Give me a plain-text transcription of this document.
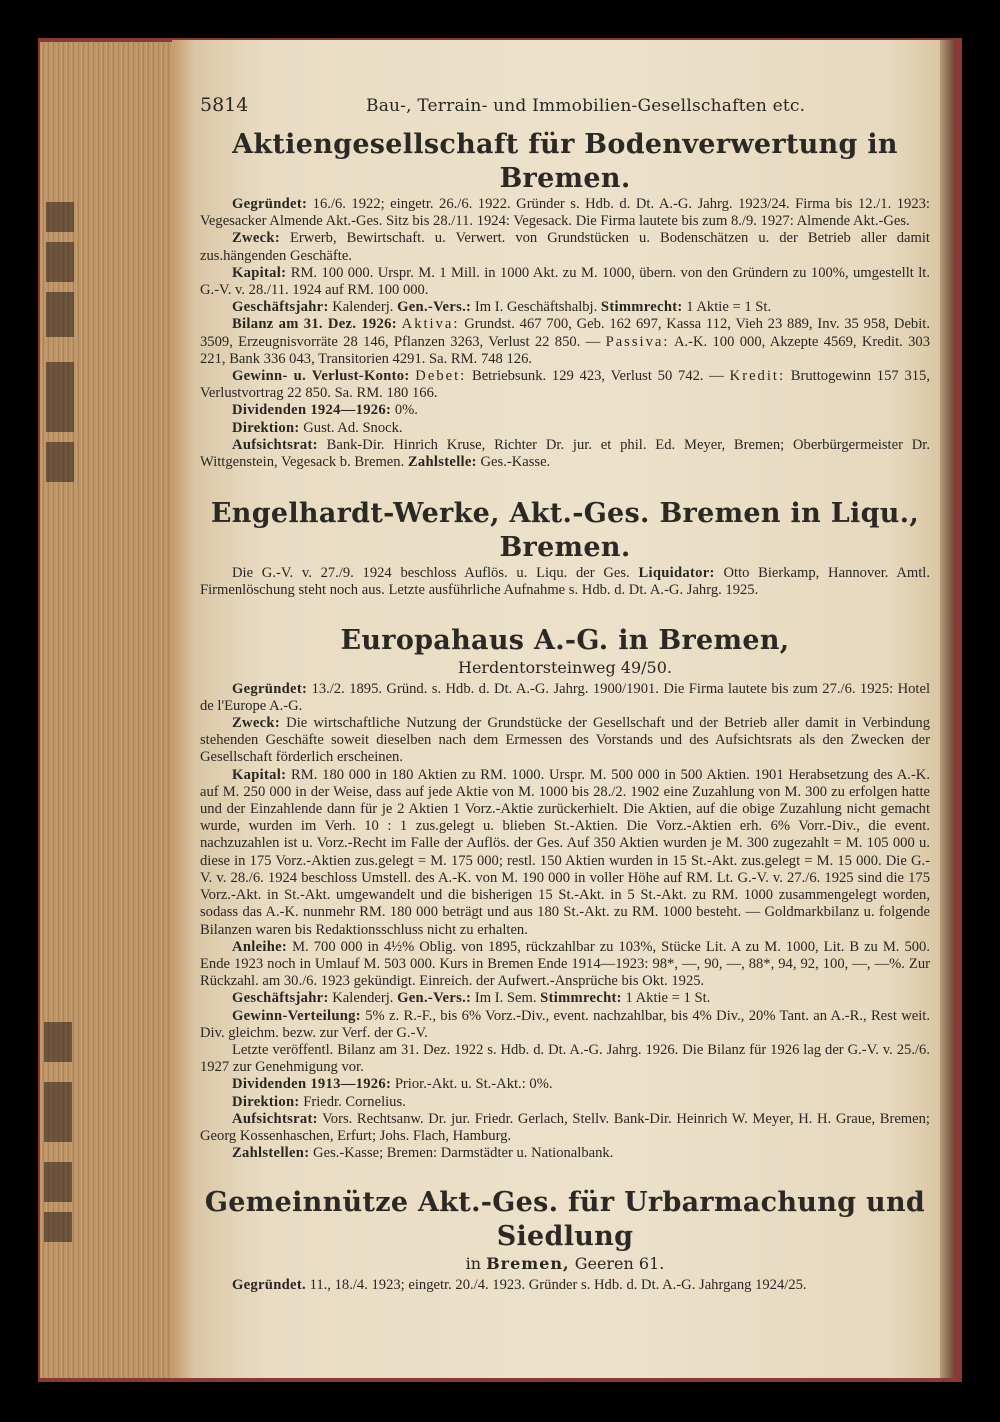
5814	Bau-, Terrain- und Immobilien-Gesellschaften etc.
Aktiengesellschaft für Bodenverwertung in Bremen.

Gegründet: 16./6. 1922; eingetr. 26./6. 1922. Gründer s. Hdb. d. Dt. A.-G. Jahrg. 1923/24. Firma bis 12./1. 1923: Vegesacker Almende Akt.-Ges. Sitz bis 28./11. 1924: Vegesack. Die Firma lautete bis zum 8./9. 1927: Almende Akt.-Ges.

Zweck: Erwerb, Bewirtschaft. u. Verwert. von Grundstücken u. Bodenschätzen u. der Betrieb aller damit zus.hängenden Geschäfte.

Kapital: RM. 100 000. Urspr. M. 1 Mill. in 1000 Akt. zu M. 1000, übern. von den Gründern zu 100%, umgestellt lt. G.-V. v. 28./11. 1924 auf RM. 100 000.

Geschäftsjahr: Kalenderj. Gen.-Vers.: Im I. Geschäftshalbj. Stimmrecht: 1 Aktie = 1 St.

Bilanz am 31. Dez. 1926: Aktiva: Grundst. 467 700, Geb. 162 697, Kassa 112, Vieh 23 889, Inv. 35 958, Debit. 3509, Erzeugnisvorräte 28 146, Pflanzen 3263, Verlust 22 850. — Passiva: A.-K. 100 000, Akzepte 4569, Kredit. 303 221, Bank 336 043, Transitorien 4291. Sa. RM. 748 126.

Gewinn- u. Verlust-Konto: Debet: Betriebsunk. 129 423, Verlust 50 742. — Kredit: Bruttogewinn 157 315, Verlustvortrag 22 850. Sa. RM. 180 166.

Dividenden 1924—1926: 0%.

Direktion: Gust. Ad. Snock.

Aufsichtsrat: Bank-Dir. Hinrich Kruse, Richter Dr. jur. et phil. Ed. Meyer, Bremen; Oberbürgermeister Dr. Wittgenstein, Vegesack b. Bremen. Zahlstelle: Ges.-Kasse.

Engelhardt-Werke, Akt.-Ges. Bremen in Liqu., Bremen.

Die G.-V. v. 27./9. 1924 beschloss Auflös. u. Liqu. der Ges. Liquidator: Otto Bierkamp, Hannover. Amtl. Firmenlöschung steht noch aus. Letzte ausführliche Aufnahme s. Hdb. d. Dt. A.-G. Jahrg. 1925.

Europahaus A.-G. in Bremen,
Herdentorsteinweg 49/50.

Gegründet: 13./2. 1895. Gründ. s. Hdb. d. Dt. A.-G. Jahrg. 1900/1901. Die Firma lautete bis zum 27./6. 1925: Hotel de l'Europe A.-G.

Zweck: Die wirtschaftliche Nutzung der Grundstücke der Gesellschaft und der Betrieb aller damit in Verbindung stehenden Geschäfte soweit dieselben nach dem Ermessen des Vorstands und des Aufsichtsrats als den Zwecken der Gesellschaft förderlich erscheinen.

Kapital: RM. 180 000 in 180 Aktien zu RM. 1000. Urspr. M. 500 000 in 500 Aktien. 1901 Herabsetzung des A.-K. auf M. 250 000 in der Weise, dass auf jede Aktie von M. 1000 bis 28./2. 1902 eine Zuzahlung von M. 300 zu erfolgen hatte und der Einzahlende dann für je 2 Aktien 1 Vorz.-Aktie zurückerhielt. Die Aktien, auf die obige Zuzahlung nicht gemacht wurde, wurden im Verh. 10 : 1 zus.gelegt u. blieben St.-Aktien. Die Vorz.-Aktien erh. 6% Vorr.-Div., die event. nachzuzahlen ist u. Vorz.-Recht im Falle der Auflös. der Ges. Auf 350 Aktien wurden je M. 300 zugezahlt = M. 105 000 u. diese in 175 Vorz.-Aktien zus.gelegt = M. 175 000; restl. 150 Aktien wurden in 15 St.-Akt. zus.gelegt = M. 15 000. Die G.-V. v. 28./6. 1924 beschloss Umstell. des A.-K. von M. 190 000 in voller Höhe auf RM. Lt. G.-V. v. 27./6. 1925 sind die 175 Vorz.-Akt. in St.-Akt. umgewandelt und die bisherigen 15 St.-Akt. in 5 St.-Akt. zu RM. 1000 zusammengelegt worden, sodass das A.-K. nunmehr RM. 180 000 beträgt und aus 180 St.-Akt. zu RM. 1000 besteht. — Goldmarkbilanz u. folgende Bilanzen waren bis Redaktionsschluss nicht zu erhalten.

Anleihe: M. 700 000 in 4½% Oblig. von 1895, rückzahlbar zu 103%, Stücke Lit. A zu M. 1000, Lit. B zu M. 500. Ende 1923 noch in Umlauf M. 503 000. Kurs in Bremen Ende 1914—1923: 98*, —, 90, —, 88*, 94, 92, 100, —, —%. Zur Rückzahl. am 30./6. 1923 gekündigt. Einreich. der Aufwert.-Ansprüche bis Okt. 1925.

Geschäftsjahr: Kalenderj. Gen.-Vers.: Im I. Sem. Stimmrecht: 1 Aktie = 1 St.

Gewinn-Verteilung: 5% z. R.-F., bis 6% Vorz.-Div., event. nachzahlbar, bis 4% Div., 20% Tant. an A.-R., Rest weit. Div. gleichm. bezw. zur Verf. der G.-V.

Letzte veröffentl. Bilanz am 31. Dez. 1922 s. Hdb. d. Dt. A.-G. Jahrg. 1926. Die Bilanz für 1926 lag der G.-V. v. 25./6. 1927 zur Genehmigung vor.

Dividenden 1913—1926: Prior.-Akt. u. St.-Akt.: 0%.

Direktion: Friedr. Cornelius.

Aufsichtsrat: Vors. Rechtsanw. Dr. jur. Friedr. Gerlach, Stellv. Bank-Dir. Heinrich W. Meyer, H. H. Graue, Bremen; Georg Kossenhaschen, Erfurt; Johs. Flach, Hamburg.

Zahlstellen: Ges.-Kasse; Bremen: Darmstädter u. Nationalbank.

Gemeinnütze Akt.-Ges. für Urbarmachung und Siedlung
in Bremen, Geeren 61.

Gegründet. 11., 18./4. 1923; eingetr. 20./4. 1923. Gründer s. Hdb. d. Dt. A.-G. Jahrgang 1924/25.
